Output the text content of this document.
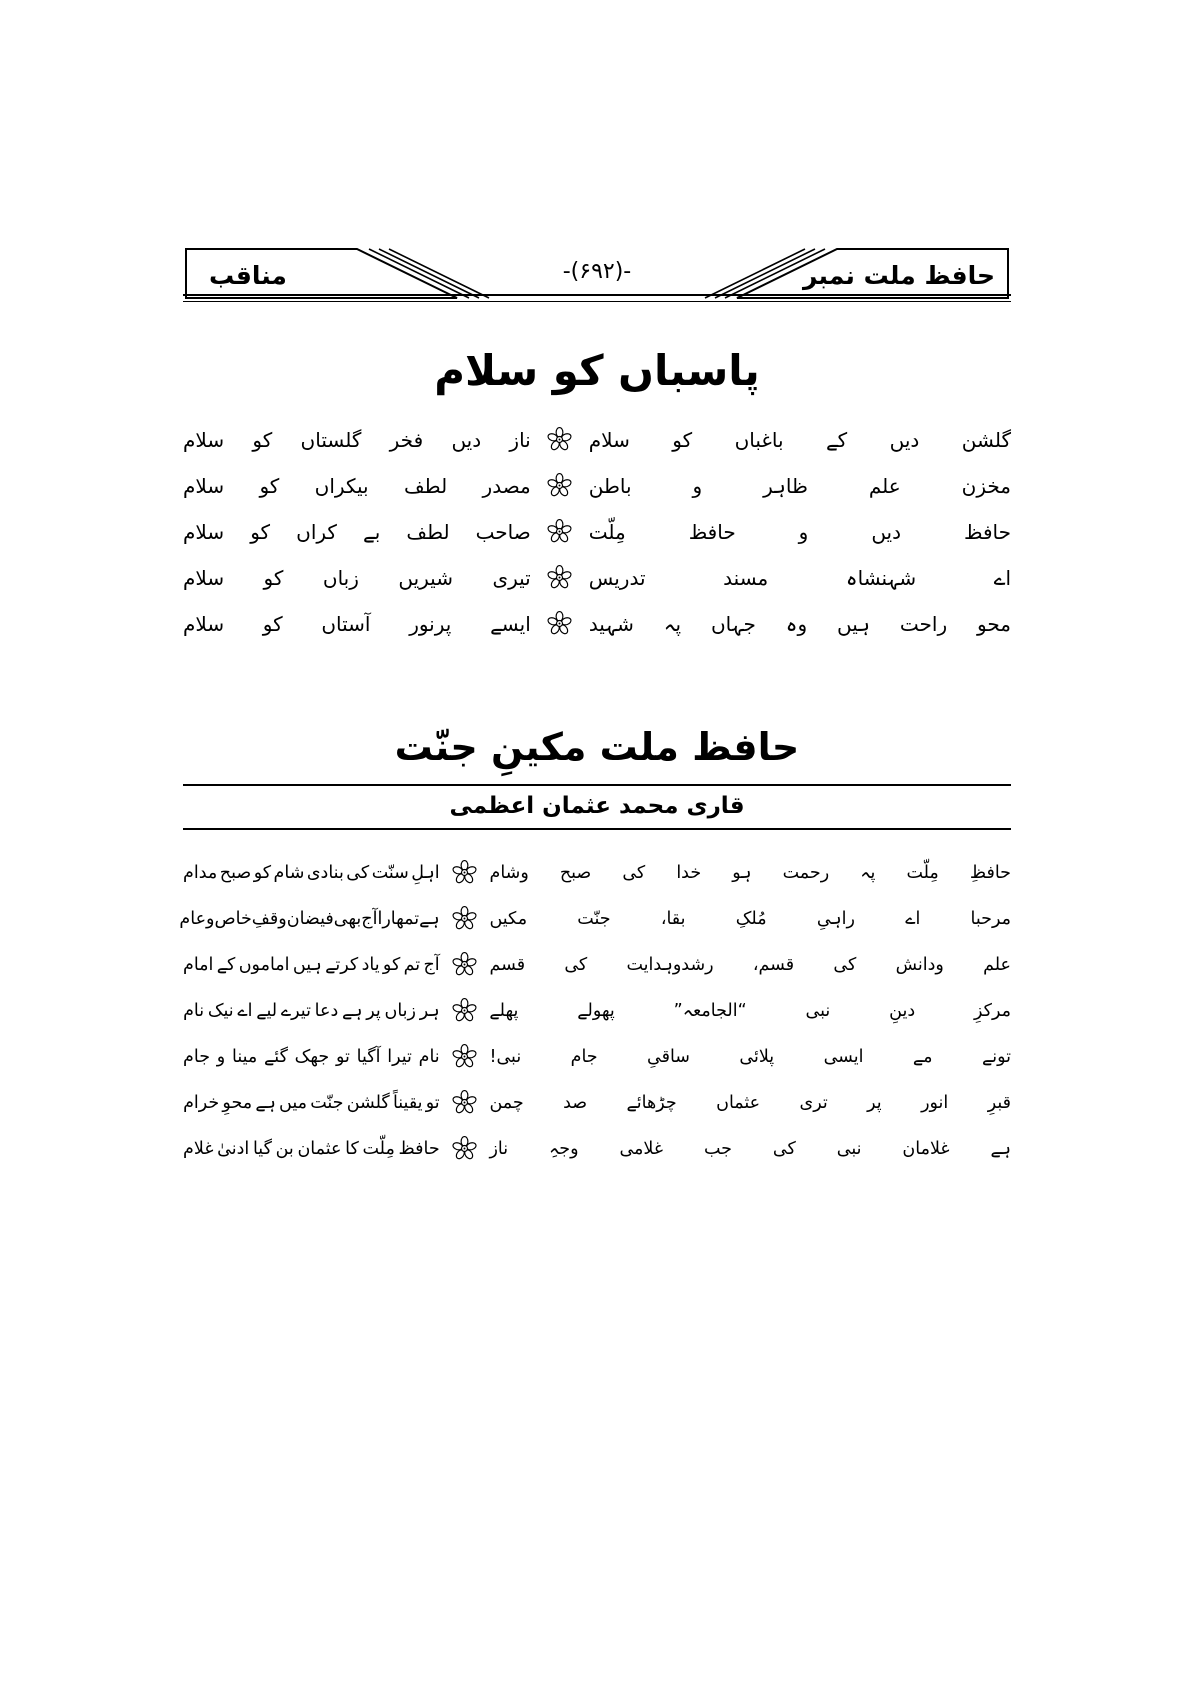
مناقب	-(۶۹۲)-	حافظ ملت نمبر
پاسباں کو سلام
گلشن
دیں
کے
باغباں
کو
سلام
ناز
دیں
فخر
گلستاں
کو
سلام
مخزن
علم
ظاہر
و
باطن
مصدر
لطف
بیکراں
کو
سلام
حافظ
دیں
و
حافظ
مِلّت
صاحب
لطف
بے
کراں
کو
سلام
اے
شہنشاہ
مسند
تدریس
تیری
شیریں
زباں
کو
سلام
محو
راحت
ہیں
وہ
جہاں
پہ
شہید
ایسے
پرنور
آستاں
کو
سلام
حافظ ملت مکینِ جنّت
قاری محمد عثمان اعظمی
حافظِ
مِلّت
پہ
رحمت
ہو
خدا
کی
صبح
وشام
اہلِ
سنّت
کی
بنادی
شام
کو
صبح
مدام
مرحبا
اے
راہیِ
مُلکِ
بقا،
جنّت
مکیں
ہے
تمھارا
آج
بھی
فیضان
وقفِ
خاص
وعام
علم
ودانش
کی
قسم،
رشدوہدایت
کی
قسم
آج
تم
کو
یاد
کرتے
ہیں
اماموں
کے
امام
مرکزِ
دینِ
نبی
“الجامعہ”
پھولے
پھلے
ہر
زباں
پر
ہے
دعا
تیرے
لیے
اے
نیک
نام
تونے
مے
ایسی
پلائی
ساقیِ
جام
نبی!
نام
تیرا
آگیا
تو
جھک
گئے
مینا
و
جام
قبرِ
انور
پر
تری
عثماں
چڑھائے
صد
چمن
تو
یقیناً
گلشن
جنّت
میں
ہے
محوِ
خرام
ہے
غلامان
نبی
کی
جب
غلامی
وجہِ
ناز
حافظ
مِلّت
کا
عثمان
بن
گیا
ادنیٰ
غلام
